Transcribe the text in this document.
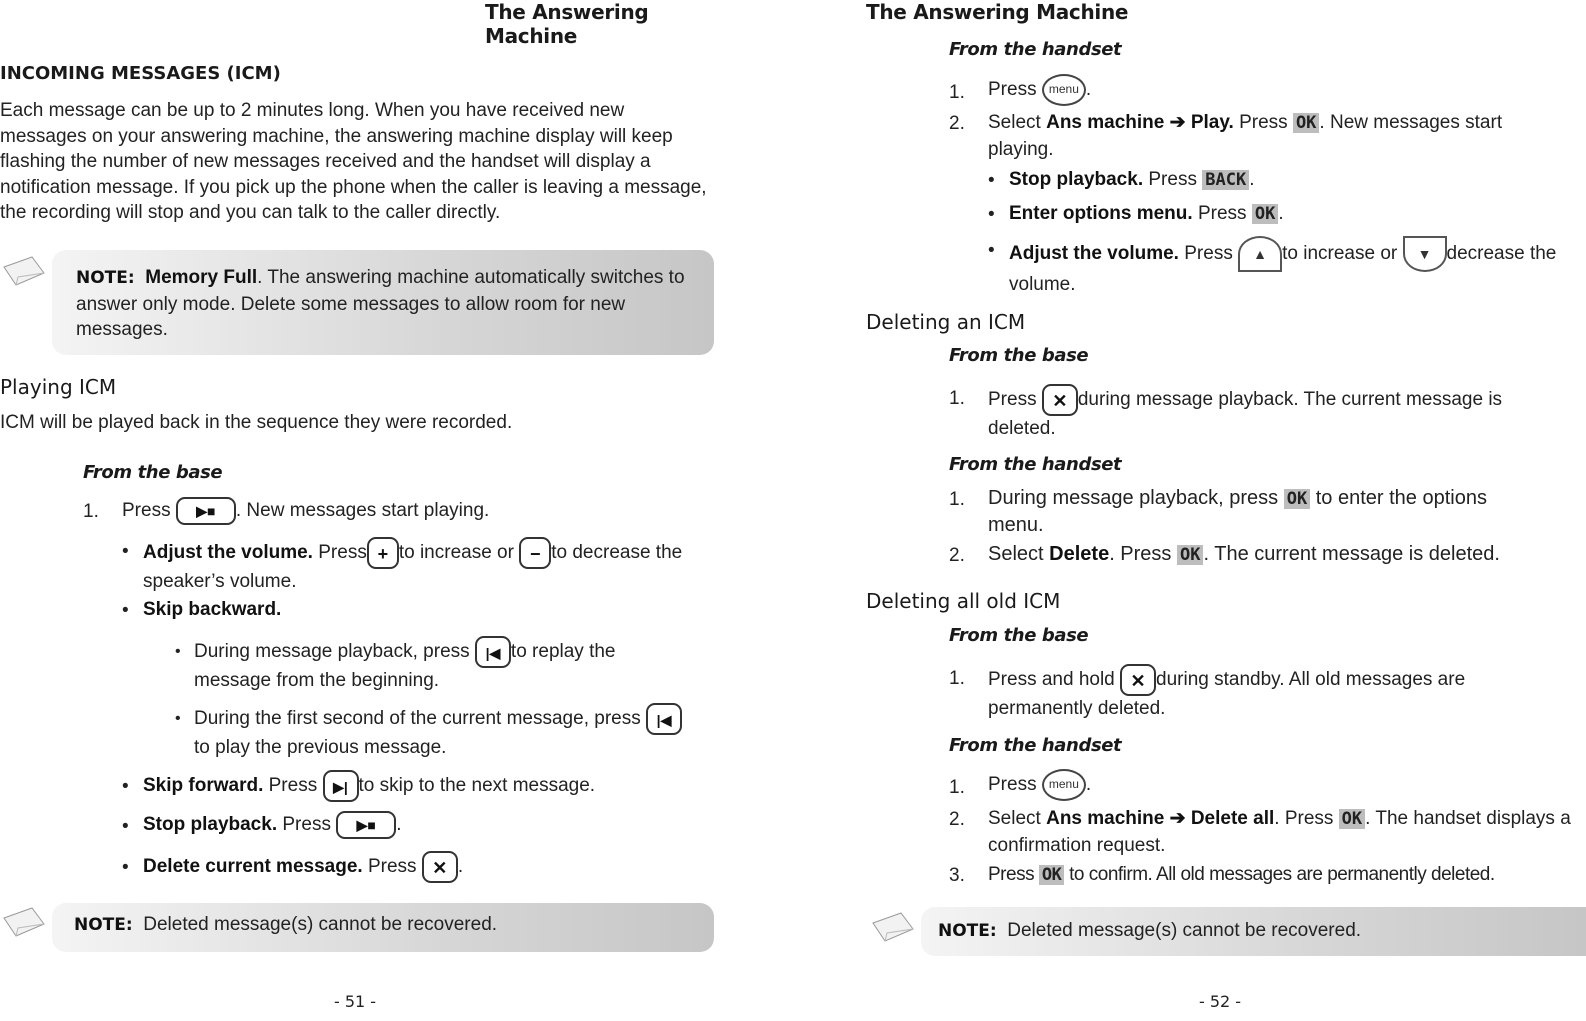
The Answering Machine
INCOMING MESSAGES (ICM)
Each message can be up to 2 minutes long. When you have received new
messages on your answering machine, the answering machine display will keep
flashing the number of new messages received and the handset will display a
notification message. If you pick up the phone when the caller is leaving a message,
the recording will stop and you can talk to the caller directly.
NOTE: Memory Full. The answering machine automatically switches to
answer only mode. Delete some messages to allow room for new
messages.
Playing ICM
ICM will be played back in the sequence they were recorded.
From the base
1. Press ▶■ . New messages start playing.
• Adjust the volume. Press + to increase or − to decrease the
speaker’s volume.
• Skip backward.
• During message playback, press |◀ to replay the
message from the beginning.
• During the first second of the current message, press |◀
to play the previous message.
• Skip forward. Press ▶| to skip to the next message.
• Stop playback. Press ▶■ .
• Delete current message. Press ✕ .
NOTE: Deleted message(s) cannot be recovered.
- 51 -
The Answering Machine
From the handset
1. Press menu .
2. Select Ans machine ➔ Play. Press OK . New messages start
playing.
• Stop playback. Press BACK .
• Enter options menu. Press OK .
• Adjust the volume. Press ▲ to increase or ▼ decrease the
volume.
Deleting an ICM
From the base
1. Press ✕ during message playback. The current message is
deleted.
From the handset
1. During message playback, press OK to enter the options
menu.
2. Select Delete. Press OK . The current message is deleted.
Deleting all old ICM
From the base
1. Press and hold ✕ during standby. All old messages are
permanently deleted.
From the handset
1. Press menu .
2. Select Ans machine ➔ Delete all. Press OK . The handset displays a
confirmation request.
3. Press OK to confirm. All old messages are permanently deleted.
NOTE: Deleted message(s) cannot be recovered.
- 52 -
